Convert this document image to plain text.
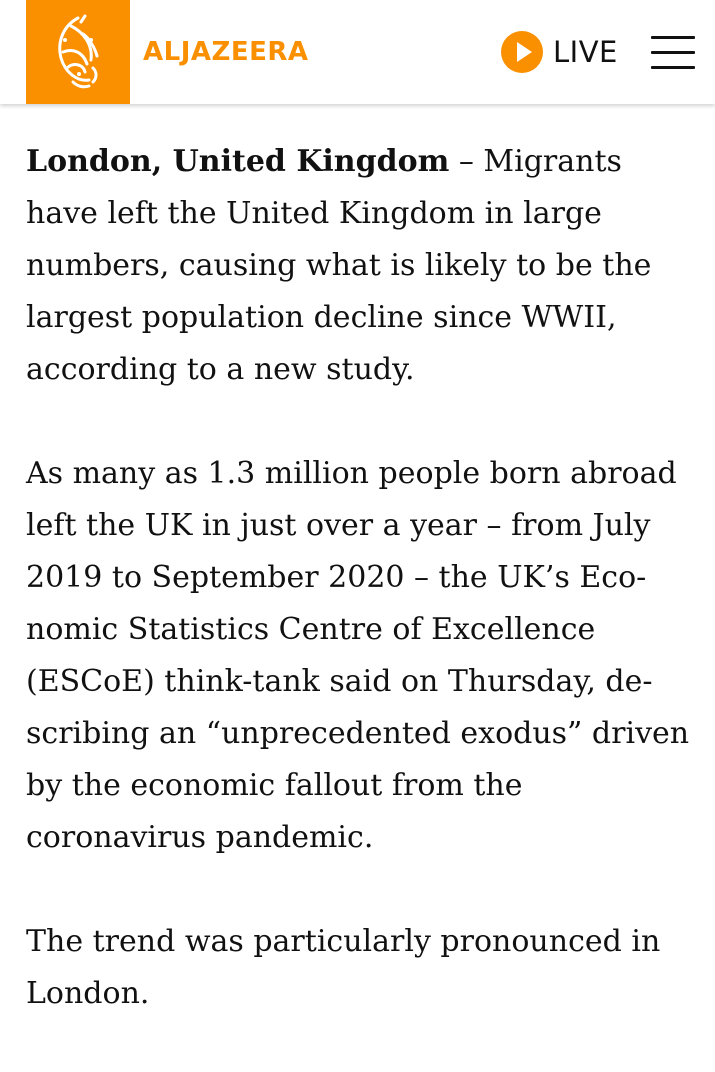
ALJAZEERA	LIVE

London, United Kingdom – Migrants have left the United Kingdom in large numbers, causing what is likely to be the largest population decline since WWII, according to a new study.

As many as 1.3 million people born abroad left the UK in just over a year – from July 2019 to September 2020 – the UK’s Economic Statistics Centre of Excellence (ESCoE) think-tank said on Thursday, describing an “unprecedented exodus” driven by the economic fallout from the coronavirus pandemic.

The trend was particularly pronounced in London.
